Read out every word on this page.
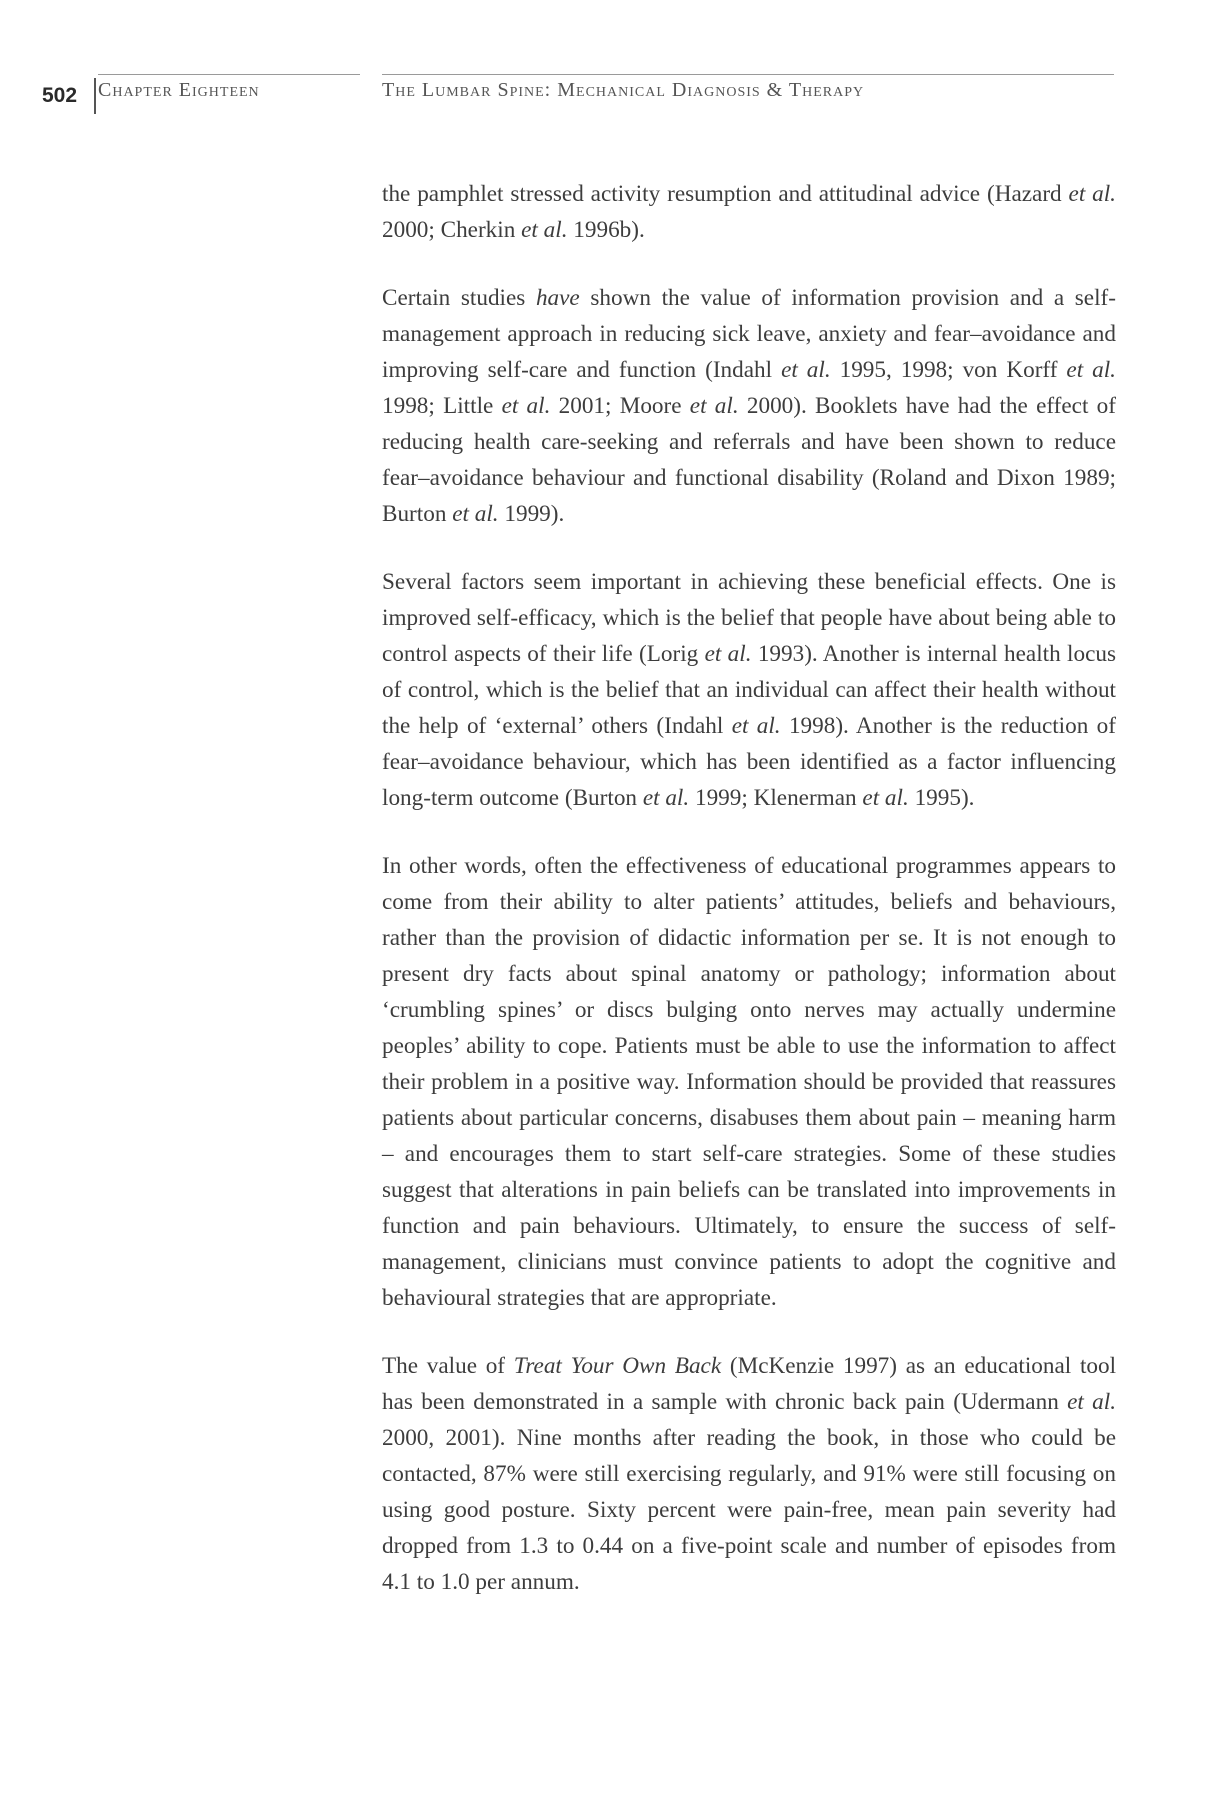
502 Chapter Eighteen	The Lumbar Spine: Mechanical Diagnosis & Therapy

the pamphlet stressed activity resumption and attitudinal advice (Hazard et al. 2000; Cherkin et al. 1996b).

Certain studies have shown the value of information provision and a self-management approach in reducing sick leave, anxiety and fear–avoidance and improving self-care and function (Indahl et al. 1995, 1998; von Korff et al. 1998; Little et al. 2001; Moore et al. 2000). Booklets have had the effect of reducing health care-seeking and referrals and have been shown to reduce fear–avoidance behaviour and functional disability (Roland and Dixon 1989; Burton et al. 1999).

Several factors seem important in achieving these beneficial effects. One is improved self-efficacy, which is the belief that people have about being able to control aspects of their life (Lorig et al. 1993). Another is internal health locus of control, which is the belief that an individual can affect their health without the help of ‘external’ others (Indahl et al. 1998). Another is the reduction of fear–avoidance behaviour, which has been identified as a factor influencing long-term outcome (Burton et al. 1999; Klenerman et al. 1995).

In other words, often the effectiveness of educational programmes appears to come from their ability to alter patients’ attitudes, beliefs and behaviours, rather than the provision of didactic information per se. It is not enough to present dry facts about spinal anatomy or pathology; information about ‘crumbling spines’ or discs bulging onto nerves may actually undermine peoples’ ability to cope. Patients must be able to use the information to affect their problem in a positive way. Information should be provided that reassures patients about particular concerns, disabuses them about pain – meaning harm – and encourages them to start self-care strategies. Some of these studies suggest that alterations in pain beliefs can be translated into improvements in function and pain behaviours. Ultimately, to ensure the success of self-management, clinicians must convince patients to adopt the cognitive and behavioural strategies that are appropriate.

The value of Treat Your Own Back (McKenzie 1997) as an educational tool has been demonstrated in a sample with chronic back pain (Udermann et al. 2000, 2001). Nine months after reading the book, in those who could be contacted, 87% were still exercising regularly, and 91% were still focusing on using good posture. Sixty percent were pain-free, mean pain severity had dropped from 1.3 to 0.44 on a five-point scale and number of episodes from 4.1 to 1.0 per annum.
